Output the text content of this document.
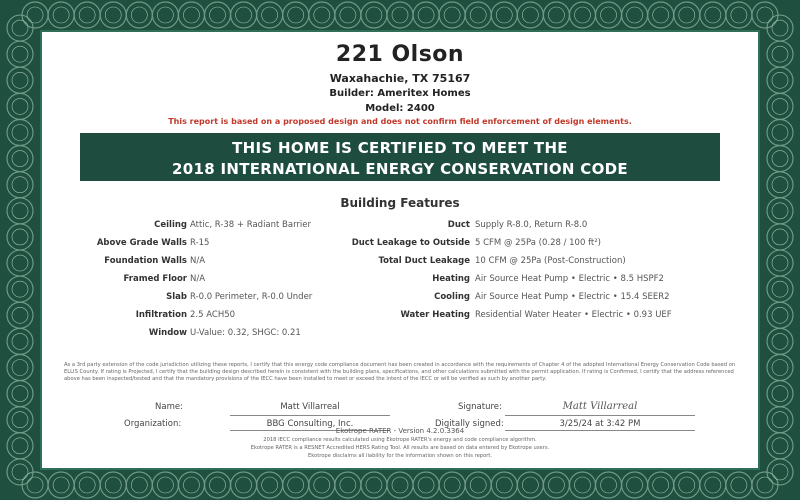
221 Olson
Waxahachie, TX 75167
Builder: Ameritex Homes
Model: 2400
This report is based on a proposed design and does not confirm field enforcement of design elements.
THIS HOME IS CERTIFIED TO MEET THE
2018 INTERNATIONAL ENERGY CONSERVATION CODE
Building Features
Ceiling Attic, R-38 + Radiant Barrier
Above Grade Walls R-15
Foundation Walls N/A
Framed Floor N/A
Slab R-0.0 Perimeter, R-0.0 Under
Infiltration 2.5 ACH50
Window U-Value: 0.32, SHGC: 0.21
Duct Supply R-8.0, Return R-8.0
Duct Leakage to Outside 5 CFM @ 25Pa (0.28 / 100 ft²)
Total Duct Leakage 10 CFM @ 25Pa (Post-Construction)
Heating Air Source Heat Pump • Electric • 8.5 HSPF2
Cooling Air Source Heat Pump • Electric • 15.4 SEER2
Water Heating Residential Water Heater • Electric • 0.93 UEF
As a 3rd party extension of the code jurisdiction utilizing these reports, I certify that this energy code compliance document has been created in accordance with the requirements of Chapter 4 of the adopted International Energy Conservation Code based on ELLIS County. If rating is Projected, I certify that the building design described herein is consistent with the building plans, specifications, and other calculations submitted with the permit application. If rating is Confirmed, I certify that the address referenced above has been inspected/tested and that the mandatory provisions of the IECC have been installed to meet or exceed the intent of the IECC or will be verified as such by another party.
Name:	Matt Villarreal	Signature:	Matt Villarreal
Organization:	BBG Consulting, Inc.	Digitally signed:	3/25/24 at 3:42 PM
Ekotrope RATER - Version 4.2.0.3364
2018 IECC compliance results calculated using Ekotrope RATER's energy and code compliance algorithm.
Ekotrope RATER is a RESNET Accredited HERS Rating Tool. All results are based on data entered by Ekotrope users.
Ekotrope disclaims all liability for the information shown on this report.
